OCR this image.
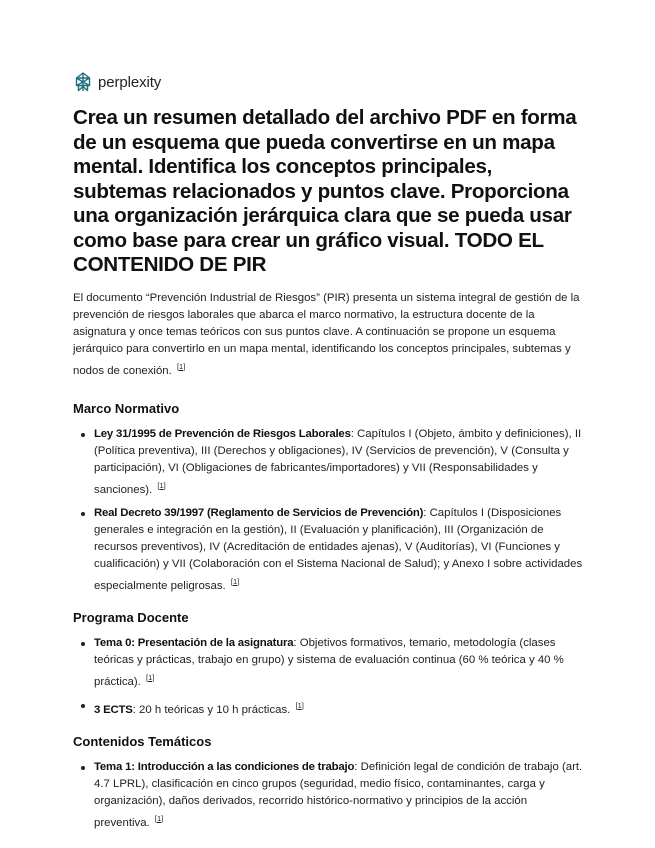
perplexity
Crea un resumen detallado del archivo PDF en forma de un esquema que pueda convertirse en un mapa mental. Identifica los conceptos principales, subtemas relacionados y puntos clave. Proporciona una organización jerárquica clara que se pueda usar como base para crear un gráfico visual. TODO EL CONTENIDO DE PIR

El documento “Prevención Industrial de Riesgos” (PIR) presenta un sistema integral de gestión de la prevención de riesgos laborales que abarca el marco normativo, la estructura docente de la asignatura y once temas teóricos con sus puntos clave. A continuación se propone un esquema jerárquico para convertirlo en un mapa mental, identificando los conceptos principales, subtemas y nodos de conexión. [1]

Marco Normativo
Ley 31/1995 de Prevención de Riesgos Laborales: Capítulos I (Objeto, ámbito y definiciones), II (Política preventiva), III (Derechos y obligaciones), IV (Servicios de prevención), V (Consulta y participación), VI (Obligaciones de fabricantes/importadores) y VII (Responsabilidades y sanciones). [1]
Real Decreto 39/1997 (Reglamento de Servicios de Prevención): Capítulos I (Disposiciones generales e integración en la gestión), II (Evaluación y planificación), III (Organización de recursos preventivos), IV (Acreditación de entidades ajenas), V (Auditorías), VI (Funciones y cualificación) y VII (Colaboración con el Sistema Nacional de Salud); y Anexo I sobre actividades especialmente peligrosas. [1]
Programa Docente
Tema 0: Presentación de la asignatura: Objetivos formativos, temario, metodología (clases teóricas y prácticas, trabajo en grupo) y sistema de evaluación continua (60 % teórica y 40 % práctica). [1]
3 ECTS: 20 h teóricas y 10 h prácticas. [1]
Contenidos Temáticos
Tema 1: Introducción a las condiciones de trabajo: Definición legal de condición de trabajo (art. 4.7 LPRL), clasificación en cinco grupos (seguridad, medio físico, contaminantes, carga y organización), daños derivados, recorrido histórico-normativo y principios de la acción preventiva. [1]
